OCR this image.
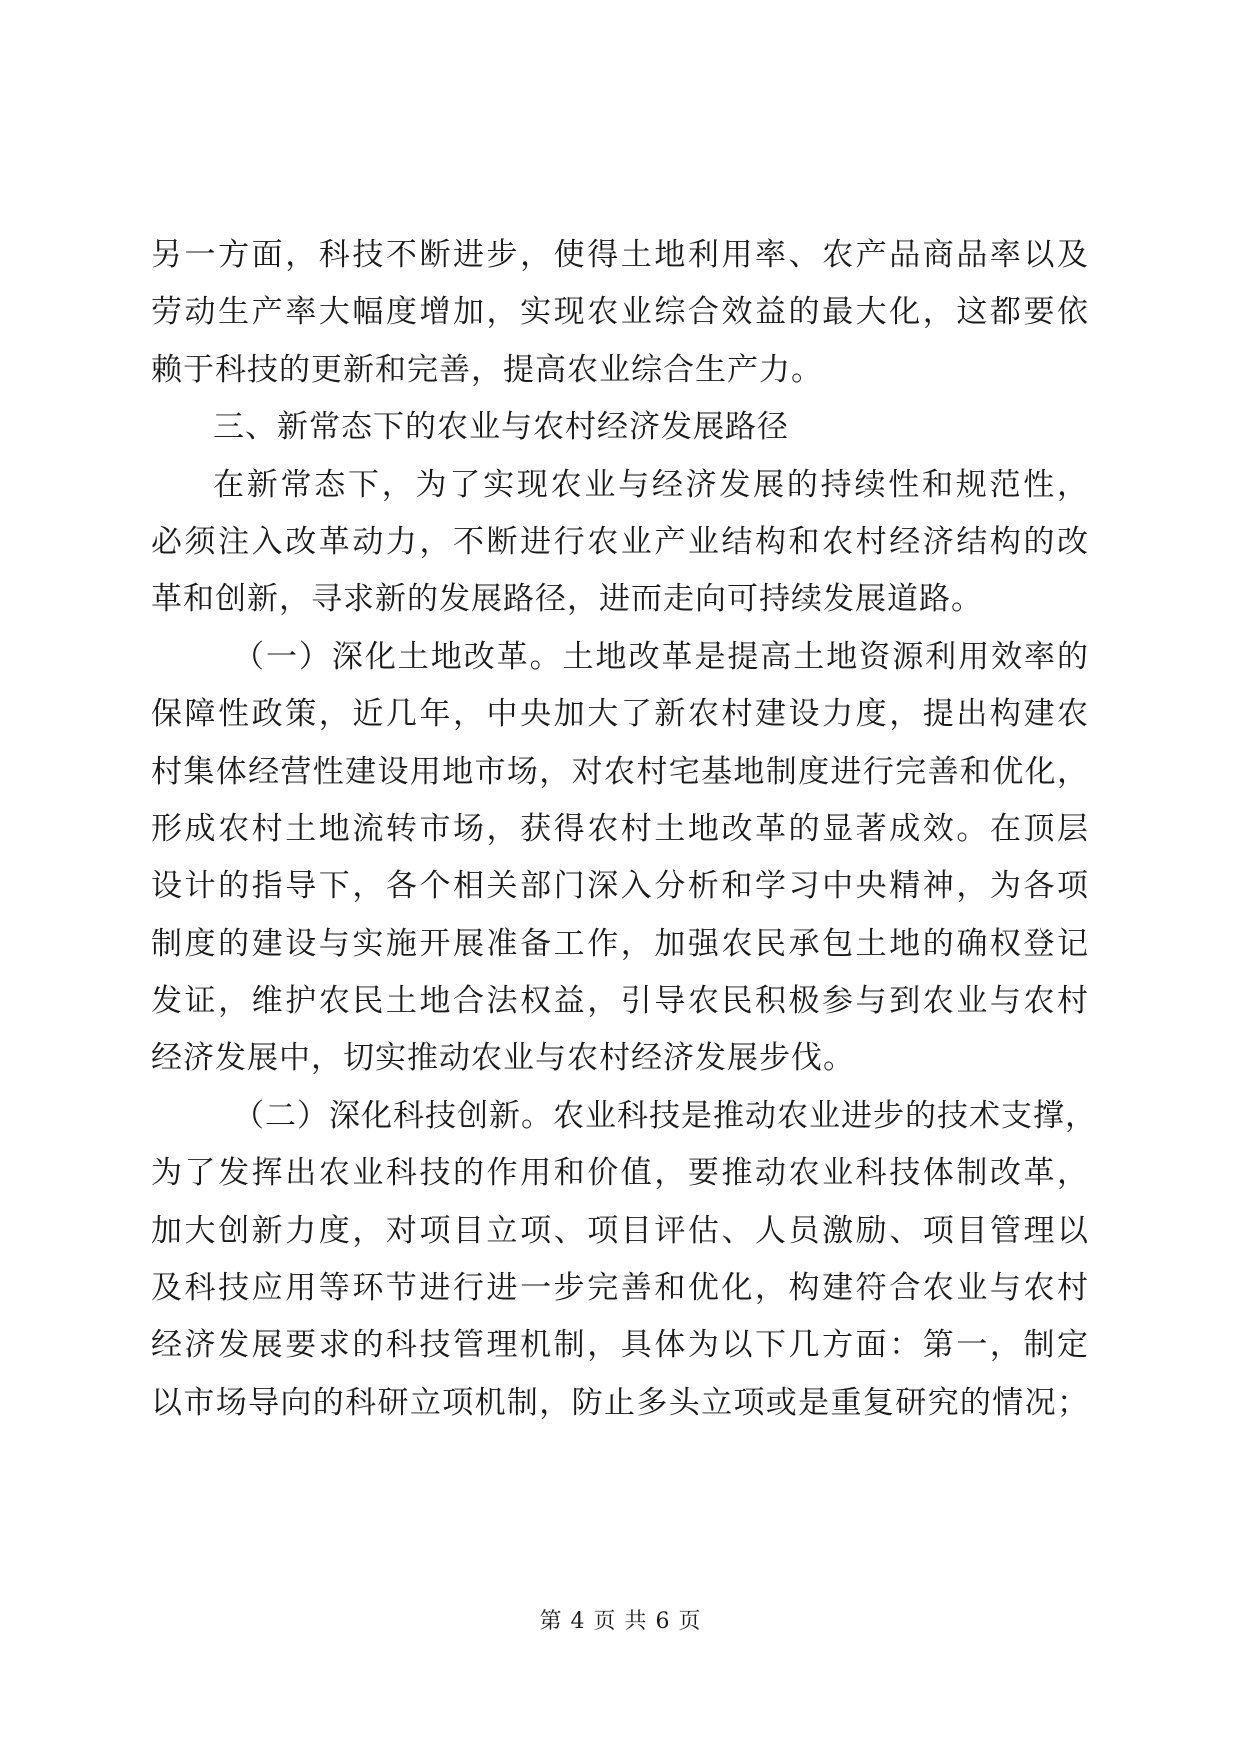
另一方面，科技不断进步，使得土地利用率、农产品商品率以及
劳动生产率大幅度增加，实现农业综合效益的最大化，这都要依
赖于科技的更新和完善，提高农业综合生产力。
三、新常态下的农业与农村经济发展路径
在新常态下，为了实现农业与经济发展的持续性和规范性，
必须注入改革动力，不断进行农业产业结构和农村经济结构的改
革和创新，寻求新的发展路径，进而走向可持续发展道路。
（一）深化土地改革。土地改革是提高土地资源利用效率的
保障性政策，近几年，中央加大了新农村建设力度，提出构建农
村集体经营性建设用地市场，对农村宅基地制度进行完善和优化，
形成农村土地流转市场，获得农村土地改革的显著成效。在顶层
设计的指导下，各个相关部门深入分析和学习中央精神，为各项
制度的建设与实施开展准备工作，加强农民承包土地的确权登记
发证，维护农民土地合法权益，引导农民积极参与到农业与农村
经济发展中，切实推动农业与农村经济发展步伐。
（二）深化科技创新。农业科技是推动农业进步的技术支撑，
为了发挥出农业科技的作用和价值，要推动农业科技体制改革，
加大创新力度，对项目立项、项目评估、人员激励、项目管理以
及科技应用等环节进行进一步完善和优化，构建符合农业与农村
经济发展要求的科技管理机制，具体为以下几方面：第一，制定
以市场导向的科研立项机制，防止多头立项或是重复研究的情况；
第 4 页 共 6 页
